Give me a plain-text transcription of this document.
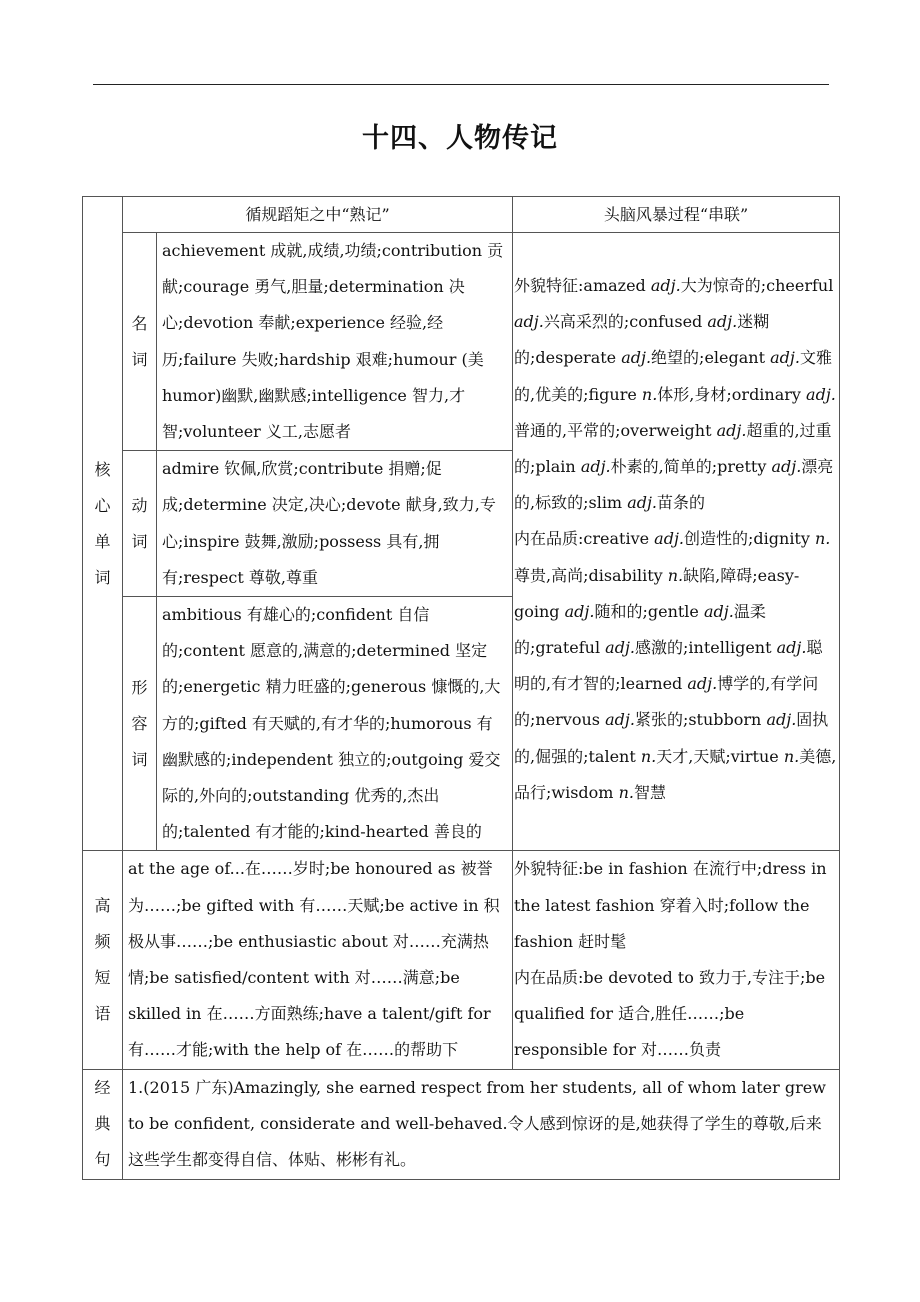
十四、人物传记
核心单词	循规蹈矩之中“熟记”		头脑风暴过程“串联”

	名词	achievement 成就,成绩,功绩;contribution 贡献;courage 勇气,胆量;determination 决心;devotion 奉献;experience 经验,经历;failure 失败;hardship 艰难;humour (美 humor)幽默,幽默感;intelligence 智力,才智;volunteer 义工,志愿者	外貌特征:amazed adj.大为惊奇的;cheerful adj.兴高采烈的;confused adj.迷糊的;desperate adj.绝望的;elegant adj.文雅的,优美的;figure n.体形,身材;ordinary adj.普通的,平常的;overweight adj.超重的,过重的;plain adj.朴素的,简单的;pretty adj.漂亮的,标致的;slim adj.苗条的
内在品质:creative adj.创造性的;dignity n.尊贵,高尚;disability n.缺陷,障碍;easy-going adj.随和的;gentle adj.温柔的;grateful adj.感激的;intelligent adj.聪明的,有才智的;learned adj.博学的,有学问的;nervous adj.紧张的;stubborn adj.固执的,倔强的;talent n.天才,天赋;virtue n.美德,品行;wisdom n.智慧

	动词	admire 钦佩,欣赏;contribute 捐赠;促成;determine 决定,决心;devote 献身,致力,专心;inspire 鼓舞,激励;possess 具有,拥有;respect 尊敬,尊重	

	形容词	ambitious 有雄心的;confident 自信的;content 愿意的,满意的;determined 坚定的;energetic 精力旺盛的;generous 慷慨的,大方的;gifted 有天赋的,有才华的;humorous 有幽默感的;independent 独立的;outgoing 爱交际的,外向的;outstanding 优秀的,杰出的;talented 有才能的;kind-hearted 善良的	

高频短语	at the age of...在……岁时;be honoured as 被誉为……;be gifted with 有……天赋;be active in 积极从事……;be enthusiastic about 对……充满热情;be satisfied/content with 对……满意;be skilled in 在……方面熟练;have a talent/gift for 有……才能;with the help of 在……的帮助下		外貌特征:be in fashion 在流行中;dress in the latest fashion 穿着入时;follow the fashion 赶时髦
内在品质:be devoted to 致力于,专注于;be qualified for 适合,胜任……;be responsible for 对……负责

经典句	1.(2015 广东)Amazingly, she earned respect from her students, all of whom later grew to be confident, considerate and well-behaved.令人感到惊讶的是,她获得了学生的尊敬,后来这些学生都变得自信、体贴、彬彬有礼。		
